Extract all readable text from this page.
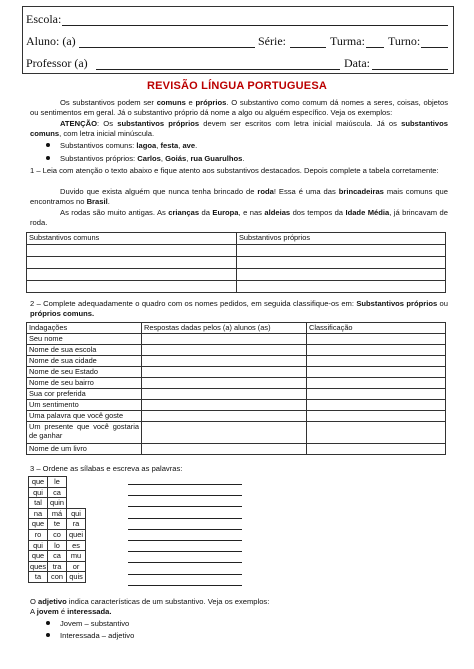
Escola:
Aluno: (a)	Série:	Turma: Turno:
Professor (a)	Data:
REVISÃO LÍNGUA PORTUGUESA
Os substantivos podem ser comuns e próprios. O substantivo como comum dá nomes a seres, coisas, objetos ou sentimentos em geral. Já o substantivo próprio dá nome a algo ou alguém específico. Veja os exemplos:
ATENÇÃO: Os substantivos próprios devem ser escritos com letra inicial maiúscula. Já os substantivos comuns, com letra inicial minúscula.
Substantivos comuns: lagoa, festa, ave.
Substantivos próprios: Carlos, Goiás, rua Guarulhos.
1 – Leia com atenção o texto abaixo e fique atento aos substantivos destacados. Depois complete a tabela corretamente:
Duvido que exista alguém que nunca tenha brincado de roda! Essa é uma das brincadeiras mais comuns que encontramos no Brasil.
As rodas são muito antigas. As crianças da Europa, e nas aldeias dos tempos da Idade Média, já brincavam de roda.
Substantivos comuns	Substantivos próprios

2 – Complete adequadamente o quadro com os nomes pedidos, em seguida classifique-os em: Substantivos próprios ou próprios comuns.
Indagações	Respostas dadas pelos (a) alunos (as)	Classificação
Seu nome		
Nome de sua escola		
Nome de sua cidade		
Nome de seu Estado		
Nome de seu bairro		
Sua cor preferida		
Um sentimento		
Uma palavra que você goste		
Um presente que você gostaria de ganhar		
Nome de um livro		
3 – Ordene as sílabas e escreva as palavras:
que	le	
qui	ca	
tal	quin	
na	má	qui
que	te	ra
ro	co	quei
qui	lo	es
que	ca	mu
ques	tra	or
ta	con	quis
O adjetivo indica características de um substantivo. Veja os exemplos:
A jovem é interessada.
Jovem – substantivo
Interessada – adjetivo
